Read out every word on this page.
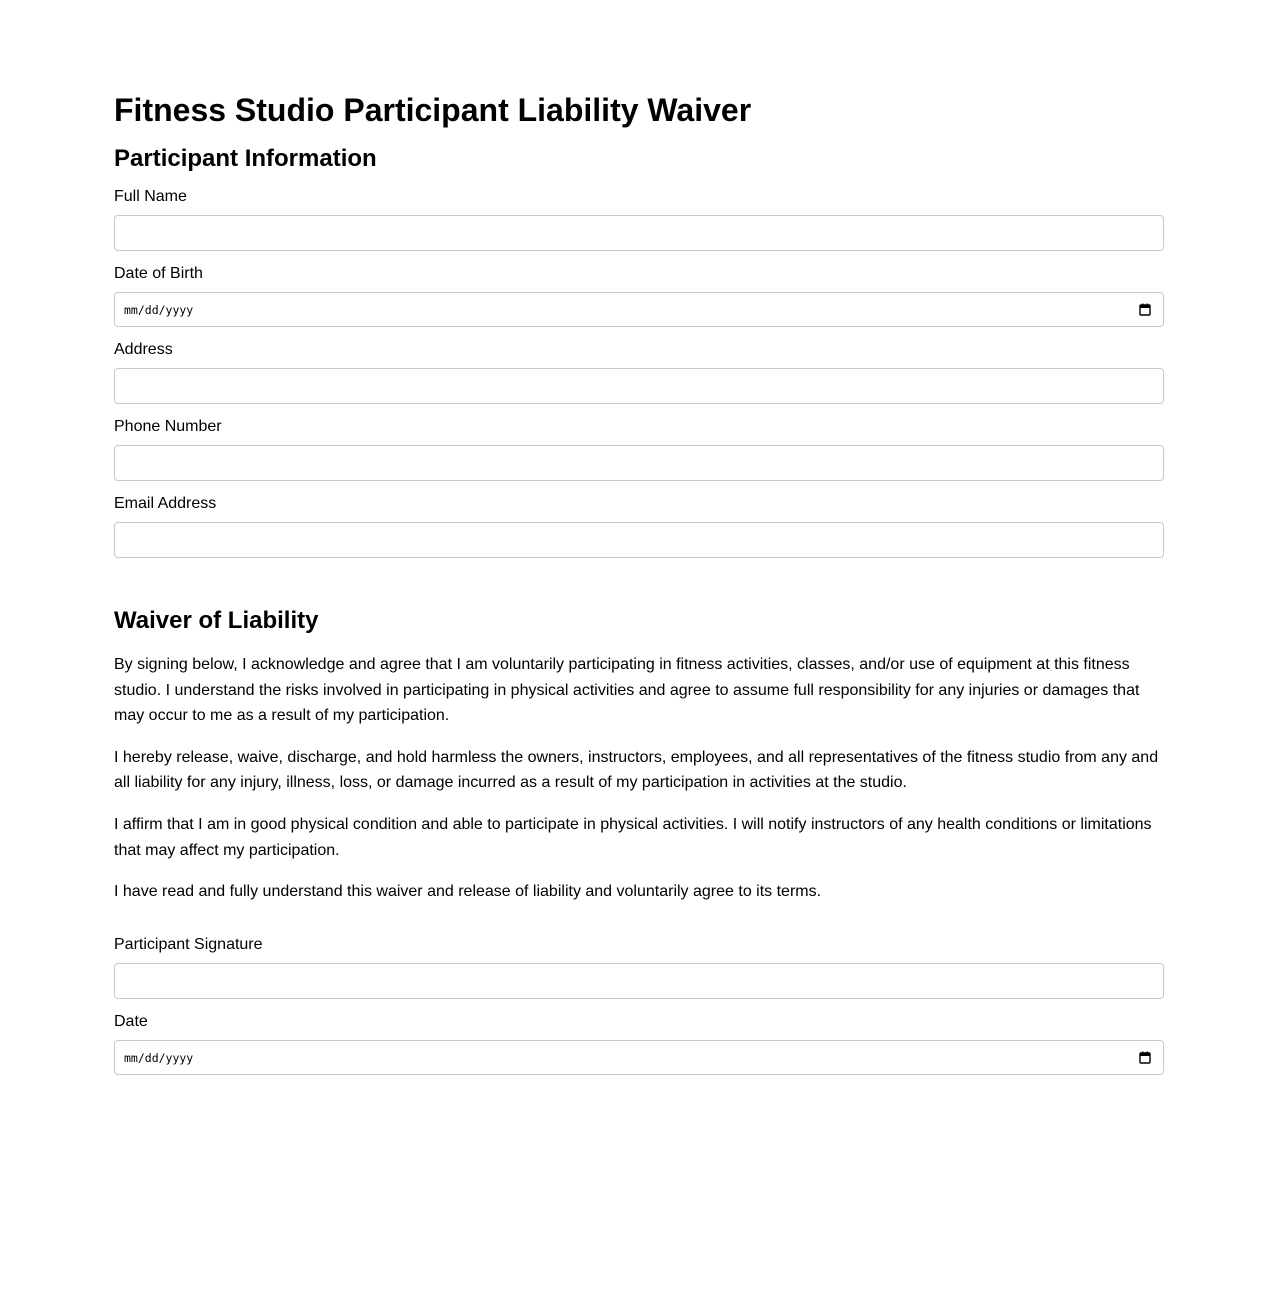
Fitness Studio Participant Liability Waiver
Participant Information
Full Name
Date of Birth
mm/dd/yyyy
Address
Phone Number
Email Address
Waiver of Liability

By signing below, I acknowledge and agree that I am voluntarily participating in fitness activities, classes, and/or use of equipment at this fitness studio. I understand the risks involved in participating in physical activities and agree to assume full responsibility for any injuries or damages that may occur to me as a result of my participation.

I hereby release, waive, discharge, and hold harmless the owners, instructors, employees, and all representatives of the fitness studio from any and all liability for any injury, illness, loss, or damage incurred as a result of my participation in activities at the studio.

I affirm that I am in good physical condition and able to participate in physical activities. I will notify instructors of any health conditions or limitations that may affect my participation.

I have read and fully understand this waiver and release of liability and voluntarily agree to its terms.

Participant Signature
Date
mm/dd/yyyy
